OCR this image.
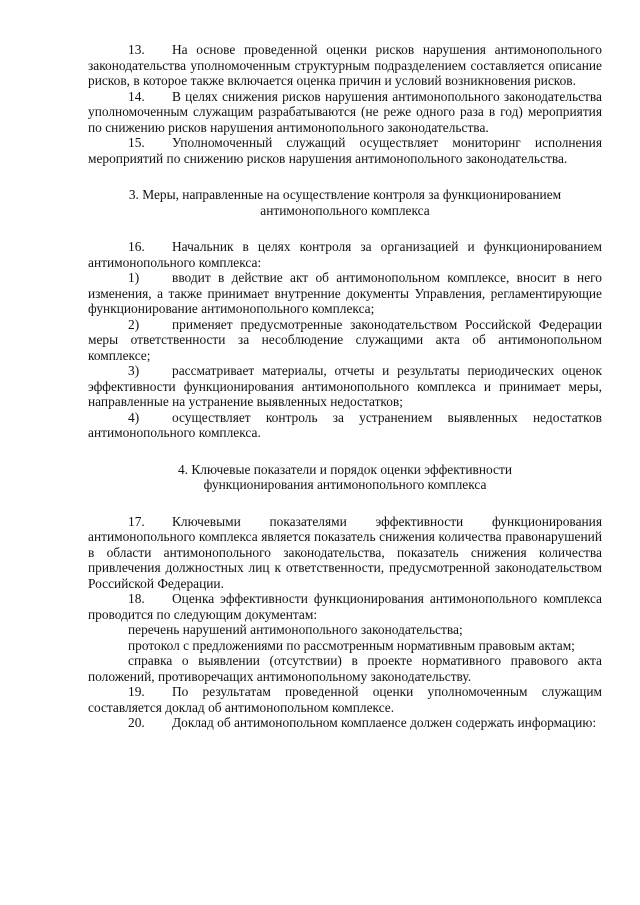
13. На основе проведенной оценки рисков нарушения антимонопольного законодательства уполномоченным структурным подразделением составляется описание рисков, в которое также включается оценка причин и условий возникновения рисков.

14. В целях снижения рисков нарушения антимонопольного законодательства уполномоченным служащим разрабатываются (не реже одного раза в год) мероприятия по снижению рисков нарушения антимонопольного законодательства.

15. Уполномоченный служащий осуществляет мониторинг исполнения мероприятий по снижению рисков нарушения антимонопольного законодательства.

3. Меры, направленные на осуществление контроля за функционированием
антимонопольного комплекса

16. Начальник в целях контроля за организацией и функционированием антимонопольного комплекса:

1) вводит в действие акт об антимонопольном комплексе, вносит в него изменения, а также принимает внутренние документы Управления, регламентирующие функционирование антимонопольного комплекса;

2) применяет предусмотренные законодательством Российской Федерации меры ответственности за несоблюдение служащими акта об антимонопольном комплексе;

3) рассматривает материалы, отчеты и результаты периодических оценок эффективности функционирования антимонопольного комплекса и принимает меры, направленные на устранение выявленных недостатков;

4) осуществляет контроль за устранением выявленных недостатков антимонопольного комплекса.

4. Ключевые показатели и порядок оценки эффективности
функционирования антимонопольного комплекса

17. Ключевыми показателями эффективности функционирования антимонопольного комплекса является показатель снижения количества правонарушений в области антимонопольного законодательства, показатель снижения количества привлечения должностных лиц к ответственности, предусмотренной законодательством Российской Федерации.

18. Оценка эффективности функционирования антимонопольного комплекса проводится по следующим документам:

перечень нарушений антимонопольного законодательства;

протокол с предложениями по рассмотренным нормативным правовым актам;

справка о выявлении (отсутствии) в проекте нормативного правового акта положений, противоречащих антимонопольному законодательству.

19. По результатам проведенной оценки уполномоченным служащим составляется доклад об антимонопольном комплексе.

20. Доклад об антимонопольном компл​аенсе должен содержать информацию:
